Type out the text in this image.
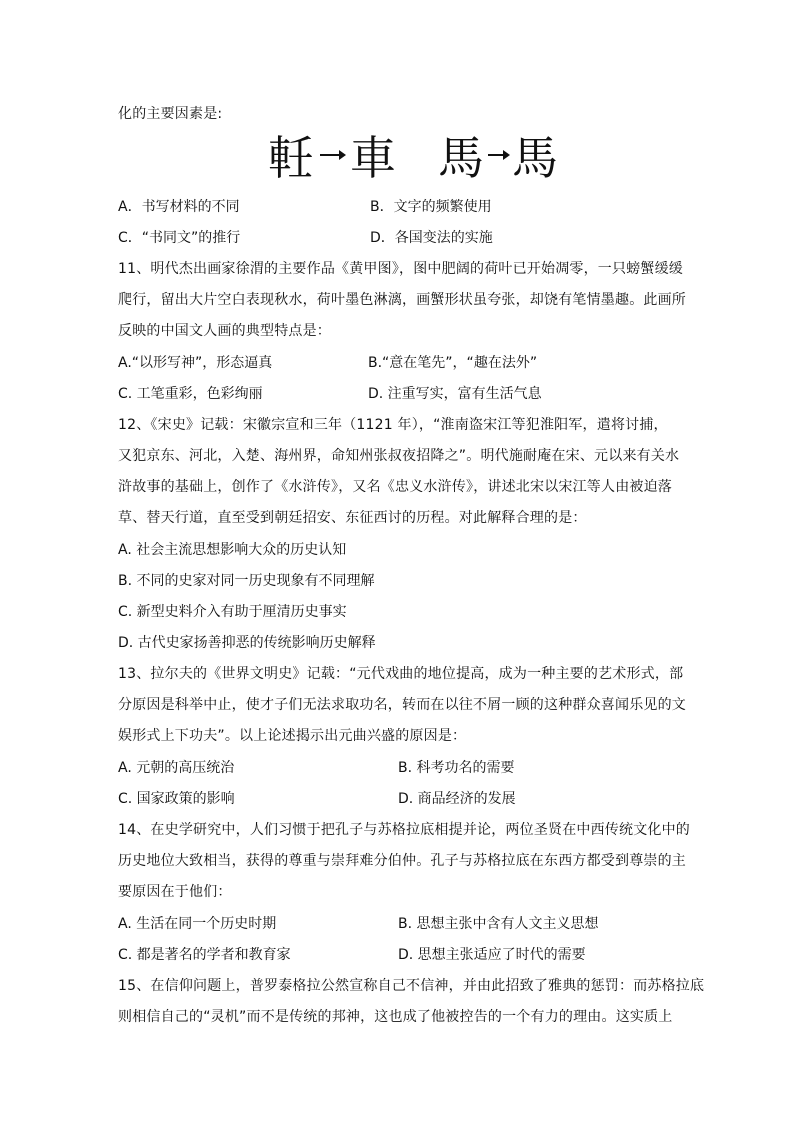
化的主要因素是:
軠 車 馬 馬
A．书写材料的不同	B．文字的频繁使用
C．“书同文”的推行	D．各国变法的实施
11、明代杰出画家徐渭的主要作品《黄甲图》，图中肥阔的荷叶已开始凋零，一只螃蟹缓缓
爬行，留出大片空白表现秋水，荷叶墨色淋漓，画蟹形状虽夸张，却饶有笔情墨趣。此画所
反映的中国文人画的典型特点是：
A.“以形写神”，形态逼真	B.“意在笔先”，“趣在法外”
C. 工笔重彩，色彩绚丽	D. 注重写实，富有生活气息
12、《宋史》记载：宋徽宗宣和三年（1121 年），“淮南盗宋江等犯淮阳军，遣将讨捕，
又犯京东、河北，入楚、海州界，命知州张叔夜招降之”。明代施耐庵在宋、元以来有关水
浒故事的基础上，创作了《水浒传》，又名《忠义水浒传》，讲述北宋以宋江等人由被迫落
草、替天行道，直至受到朝廷招安、东征西讨的历程。对此解释合理的是：
A. 社会主流思想影响大众的历史认知
B. 不同的史家对同一历史现象有不同理解
C. 新型史料介入有助于厘清历史事实
D. 古代史家扬善抑恶的传统影响历史解释
13、拉尔夫的《世界文明史》记载：“元代戏曲的地位提高，成为一种主要的艺术形式，部
分原因是科举中止，使才子们无法求取功名，转而在以往不屑一顾的这种群众喜闻乐见的文
娱形式上下功夫”。以上论述揭示出元曲兴盛的原因是：
A. 元朝的高压统治	B. 科考功名的需要
C. 国家政策的影响	D. 商品经济的发展
14、在史学研究中，人们习惯于把孔子与苏格拉底相提并论，两位圣贤在中西传统文化中的
历史地位大致相当，获得的尊重与崇拜难分伯仲。孔子与苏格拉底在东西方都受到尊崇的主
要原因在于他们：
A. 生活在同一个历史时期	B. 思想主张中含有人文主义思想
C. 都是著名的学者和教育家	D. 思想主张适应了时代的需要
15、在信仰问题上，普罗泰格拉公然宣称自己不信神，并由此招致了雅典的惩罚：而苏格拉底
则相信自己的“灵机”而不是传统的邦神，这也成了他被控告的一个有力的理由。这实质上
